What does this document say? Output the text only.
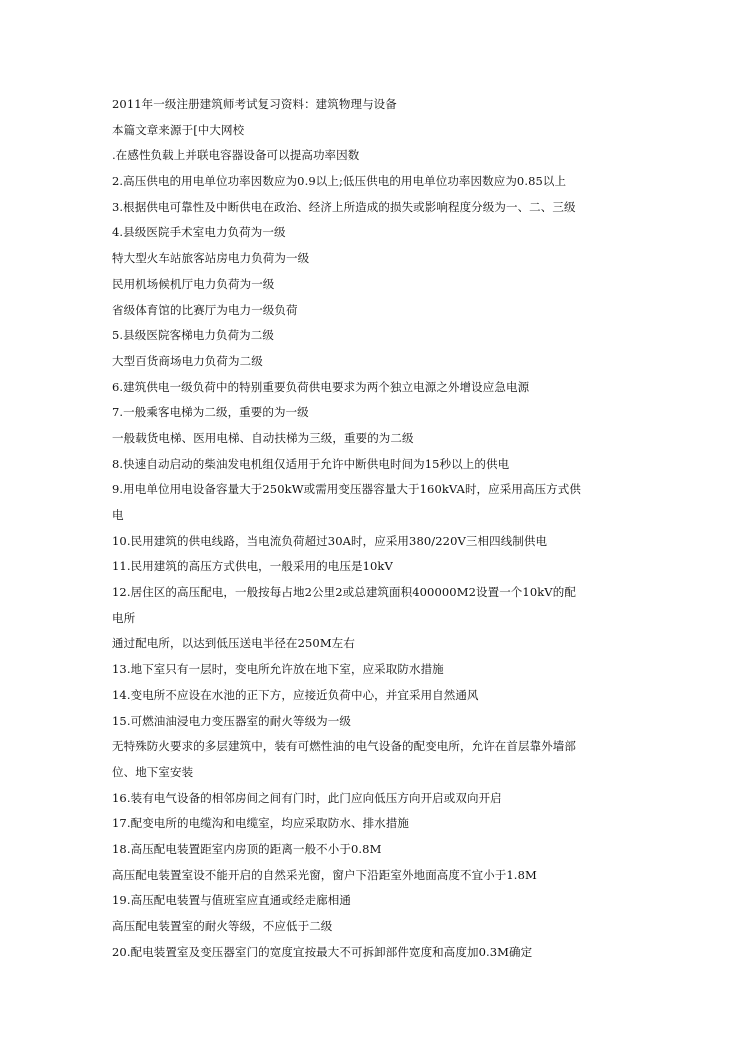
2011年一级注册建筑师考试复习资料：建筑物理与设备

本篇文章来源于[中大网校

.在感性负载上并联电容器设备可以提高功率因数

2.高压供电的用电单位功率因数应为0.9以上;低压供电的用电单位功率因数应为0.85以上

3.根据供电可靠性及中断供电在政治、经济上所造成的损失或影响程度分级为一、二、三级

4.县级医院手术室电力负荷为一级

特大型火车站旅客站房电力负荷为一级

民用机场候机厅电力负荷为一级

省级体育馆的比赛厅为电力一级负荷

5.县级医院客梯电力负荷为二级

大型百货商场电力负荷为二级

6.建筑供电一级负荷中的特别重要负荷供电要求为两个独立电源之外增设应急电源

7.一般乘客电梯为二级，重要的为一级

一般载货电梯、医用电梯、自动扶梯为三级，重要的为二级

8.快速自动启动的柴油发电机组仅适用于允许中断供电时间为15秒以上的供电

9.用电单位用电设备容量大于250kW或需用变压器容量大于160kVA时，应采用高压方式供

电

10.民用建筑的供电线路，当电流负荷超过30A时，应采用380/220V三相四线制供电

11.民用建筑的高压方式供电，一般采用的电压是10kV

12.居住区的高压配电，一般按每占地2公里2或总建筑面积400000M2设置一个10kV的配

电所

通过配电所，以达到低压送电半径在250M左右

13.地下室只有一层时，变电所允许放在地下室，应采取防水措施

14.变电所不应设在水池的正下方，应接近负荷中心，并宜采用自然通风

15.可燃油油浸电力变压器室的耐火等级为一级

无特殊防火要求的多层建筑中，装有可燃性油的电气设备的配变电所，允许在首层靠外墙部

位、地下室安装

16.装有电气设备的相邻房间之间有门时，此门应向低压方向开启或双向开启

17.配变电所的电缆沟和电缆室，均应采取防水、排水措施

18.高压配电装置距室内房顶的距离一般不小于0.8M

高压配电装置室设不能开启的自然采光窗，窗户下沿距室外地面高度不宜小于1.8M

19.高压配电装置与值班室应直通或经走廊相通

高压配电装置室的耐火等级，不应低于二级

20.配电装置室及变压器室门的宽度宜按最大不可拆卸部件宽度和高度加0.3M确定
